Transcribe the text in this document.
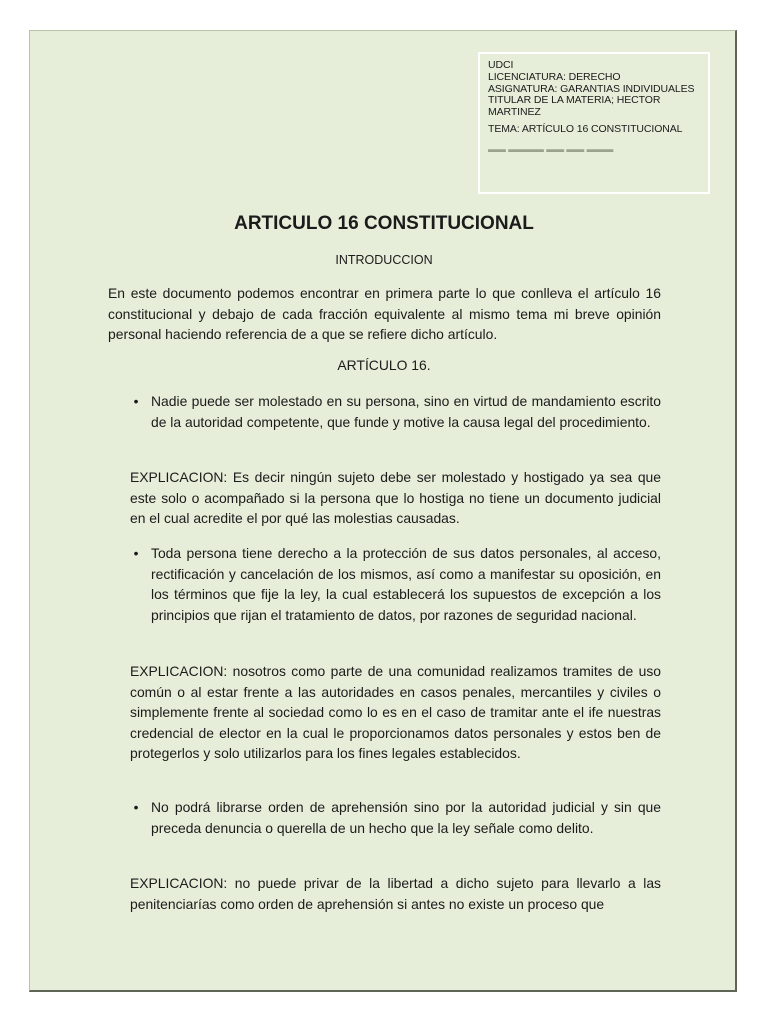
UDCI
LICENCIATURA: DERECHO
ASIGNATURA: GARANTIAS INDIVIDUALES
TITULAR DE LA MATERIA; HECTOR MARTINEZ
TEMA: ARTÍCULO 16 CONSTITUCIONAL
▬▬ ▬▬▬▬ ▬▬ ▬▬ ▬▬▬
ARTICULO 16 CONSTITUCIONAL

INTRODUCCION

En este documento podemos encontrar en primera parte lo que conlleva el artículo 16 constitucional y debajo de cada fracción equivalente al mismo tema mi breve opinión personal haciendo referencia de a que se refiere dicho artículo.

ARTÍCULO 16.

• Nadie puede ser molestado en su persona, sino en virtud de mandamiento escrito de la autoridad competente, que funde y motive la causa legal del procedimiento.

EXPLICACION: Es decir ningún sujeto debe ser molestado y hostigado ya sea que este solo o acompañado si la persona que lo hostiga no tiene un documento judicial en el cual acredite el por qué las molestias causadas.

• Toda persona tiene derecho a la protección de sus datos personales, al acceso, rectificación y cancelación de los mismos, así como a manifestar su oposición, en los términos que fije la ley, la cual establecerá los supuestos de excepción a los principios que rijan el tratamiento de datos, por razones de seguridad nacional.

EXPLICACION: nosotros como parte de una comunidad realizamos tramites de uso común o al estar frente a las autoridades en casos penales, mercantiles y civiles o simplemente frente al sociedad como lo es en el caso de tramitar ante el ife nuestras credencial de elector en la cual le proporcionamos datos personales y estos ben de protegerlos y solo utilizarlos para los fines legales establecidos.

• No podrá librarse orden de aprehensión sino por la autoridad judicial y sin que preceda denuncia o querella de un hecho que la ley señale como delito.

EXPLICACION: no puede privar de la libertad a dicho sujeto para llevarlo a las penitenciarías como orden de aprehensión si antes no existe un proceso que
